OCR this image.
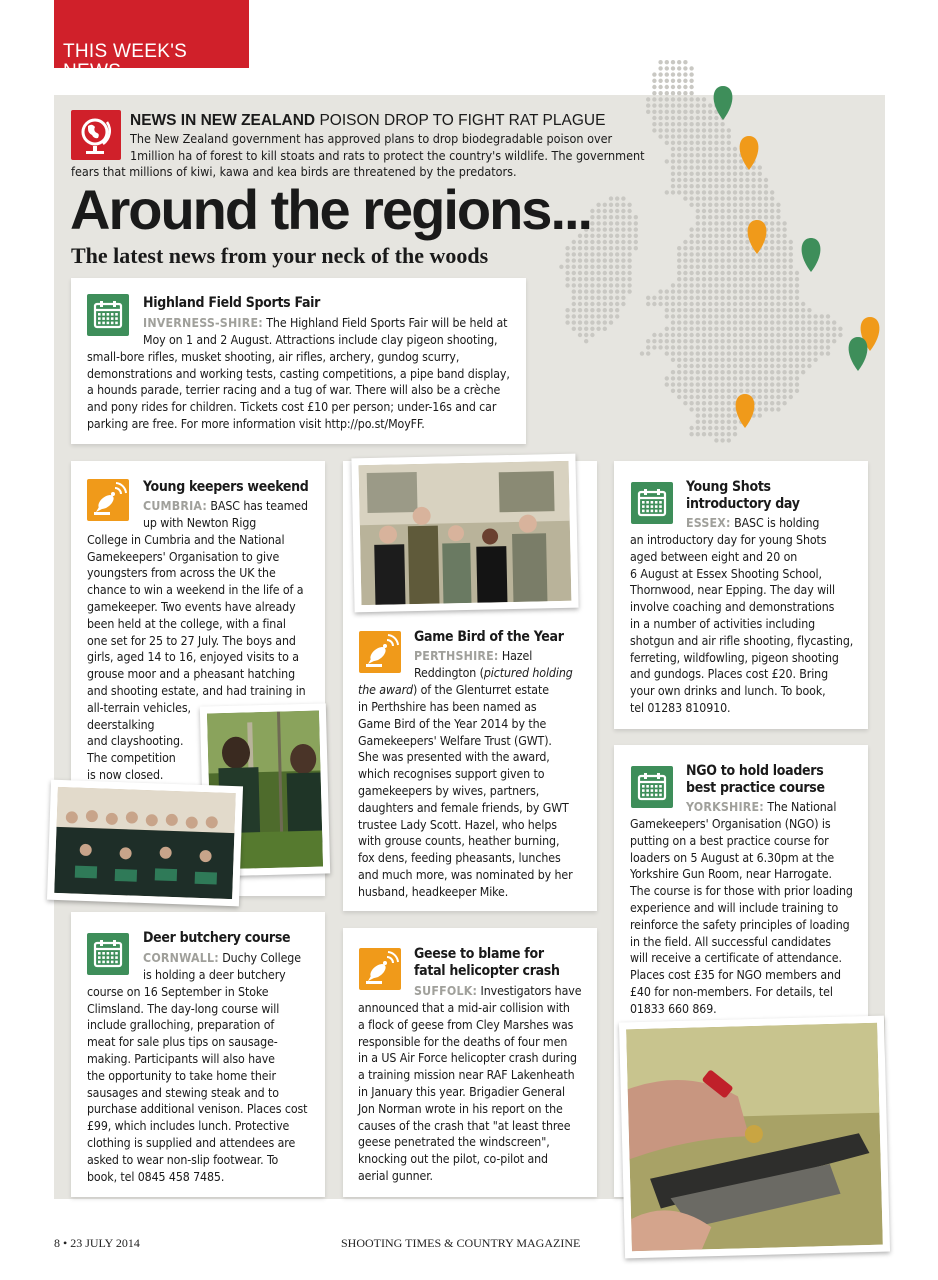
THIS WEEK'S NEWS
NEWS IN NEW ZEALAND POISON DROP TO FIGHT RAT PLAGUE
The New Zealand government has approved plans to drop biodegradable poison over
1million ha of forest to kill stoats and rats to protect the country's wildlife. The government
fears that millions of kiwi, kawa and kea birds are threatened by the predators.
Around the regions...
The latest news from your neck of the woods
Highland Field Sports Fair
INVERNESS-SHIRE: The Highland Field Sports Fair will be held at
Moy on 1 and 2 August. Attractions include clay pigeon shooting,
small-bore rifles, musket shooting, air rifles, archery, gundog scurry,
demonstrations and working tests, casting competitions, a pipe band display,
a hounds parade, terrier racing and a tug of war. There will also be a crèche
and pony rides for children. Tickets cost £10 per person; under-16s and car
parking are free. For more information visit http://po.st/MoyFF.
Young keepers weekend
CUMBRIA: BASC has teamed
up with Newton Rigg
College in Cumbria and the National
Gamekeepers' Organisation to give
youngsters from across the UK the
chance to win a weekend in the life of a
gamekeeper. Two events have already
been held at the college, with a final
one set for 25 to 27 July. The boys and
girls, aged 14 to 16, enjoyed visits to a
grouse moor and a pheasant hatching
and shooting estate, and had training in
all-terrain vehicles,
deerstalking
and clayshooting.
The competition
is now closed.
Game Bird of the Year
PERTHSHIRE: Hazel
Reddington (pictured holding
the award) of the Glenturret estate
in Perthshire has been named as
Game Bird of the Year 2014 by the
Gamekeepers' Welfare Trust (GWT).
She was presented with the award,
which recognises support given to
gamekeepers by wives, partners,
daughters and female friends, by GWT
trustee Lady Scott. Hazel, who helps
with grouse counts, heather burning,
fox dens, feeding pheasants, lunches
and much more, was nominated by her
husband, headkeeper Mike.
Young Shots
introductory day
ESSEX: BASC is holding
an introductory day for young Shots
aged between eight and 20 on
6 August at Essex Shooting School,
Thornwood, near Epping. The day will
involve coaching and demonstrations
in a number of activities including
shotgun and air rifle shooting, flycasting,
ferreting, wildfowling, pigeon shooting
and gundogs. Places cost £20. Bring
your own drinks and lunch. To book,
tel 01283 810910.
NGO to hold loaders
best practice course
YORKSHIRE: The National
Gamekeepers' Organisation (NGO) is
putting on a best practice course for
loaders on 5 August at 6.30pm at the
Yorkshire Gun Room, near Harrogate.
The course is for those with prior loading
experience and will include training to
reinforce the safety principles of loading
in the field. All successful candidates
will receive a certificate of attendance.
Places cost £35 for NGO members and
£40 for non-members. For details, tel
01833 660 869.
Deer butchery course
CORNWALL: Duchy College
is holding a deer butchery
course on 16 September in Stoke
Climsland. The day-long course will
include gralloching, preparation of
meat for sale plus tips on sausage-
making. Participants will also have
the opportunity to take home their
sausages and stewing steak and to
purchase additional venison. Places cost
£99, which includes lunch. Protective
clothing is supplied and attendees are
asked to wear non-slip footwear. To
book, tel 0845 458 7485.
Geese to blame for
fatal helicopter crash
SUFFOLK: Investigators have
announced that a mid-air collision with
a flock of geese from Cley Marshes was
responsible for the deaths of four men
in a US Air Force helicopter crash during
a training mission near RAF Lakenheath
in January this year. Brigadier General
Jon Norman wrote in his report on the
causes of the crash that "at least three
geese penetrated the windscreen",
knocking out the pilot, co-pilot and
aerial gunner.
8 • 23 JULY 2014	SHOOTING TIMES & COUNTRY MAGAZINE
